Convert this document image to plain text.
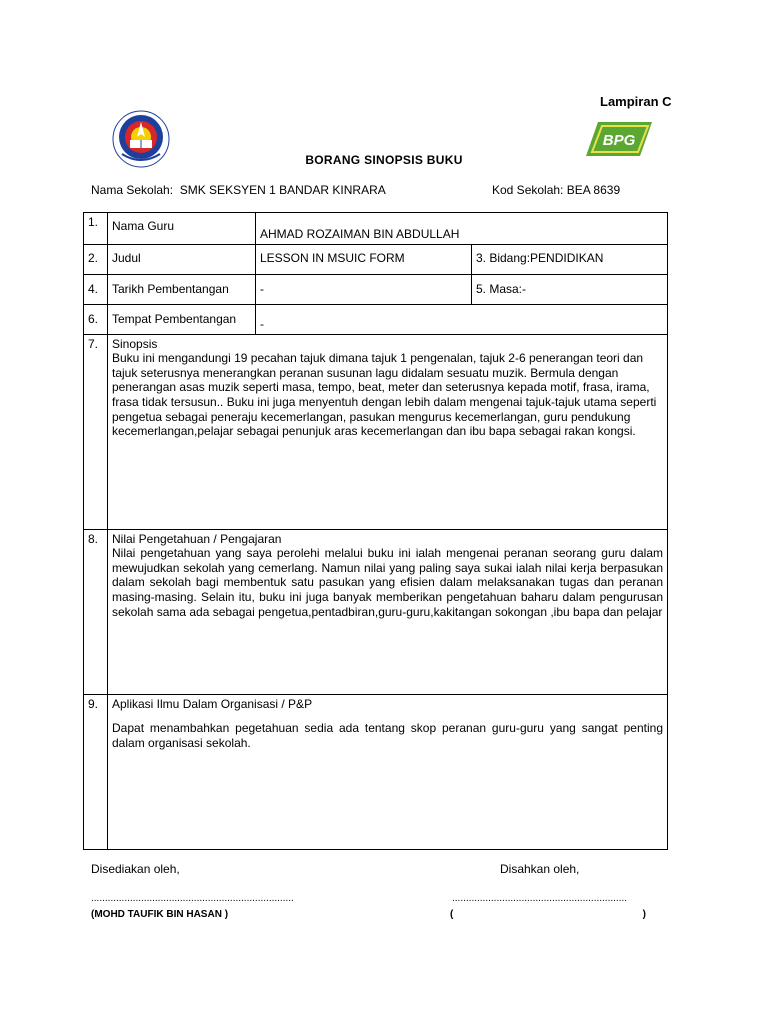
Lampiran C
BPG
BORANG SINOPSIS BUKU
Nama Sekolah: SMK SEKSYEN 1 BANDAR KINRARA	Kod Sekolah: BEA 8639
1.	Nama Guru	AHMAD ROZAIMAN BIN ABDULLAH	
2.	Judul	LESSON IN MSUIC FORM	3. Bidang:PENDIDIKAN
4.	Tarikh Pembentangan	-	5. Masa:-
6.	Tempat Pembentangan	-	
7.	Sinopsis
Buku ini mengandungi 19 pecahan tajuk dimana tajuk 1 pengenalan, tajuk 2-6 penerangan teori dan tajuk seterusnya menerangkan peranan susunan lagu didalam sesuatu muzik. Bermula dengan penerangan asas muzik seperti masa, tempo, beat, meter dan seterusnya kepada motif, frasa, irama, frasa tidak tersusun.. Buku ini juga menyentuh dengan lebih dalam mengenai tajuk-tajuk utama seperti pengetua sebagai peneraju kecemerlangan, pasukan mengurus kecemerlangan, guru pendukung kecemerlangan,pelajar sebagai penunjuk aras kecemerlangan dan ibu bapa sebagai rakan kongsi.		

8.	Nilai Pengetahuan / Pengajaran
Nilai pengetahuan yang saya perolehi melalui buku ini ialah mengenai peranan seorang guru dalam mewujudkan sekolah yang cemerlang. Namun nilai yang paling saya sukai ialah nilai kerja berpasukan dalam sekolah bagi membentuk satu pasukan yang efisien dalam melaksanakan tugas dan peranan masing-masing. Selain itu, buku ini juga banyak memberikan pengetahuan baharu dalam pengurusan sekolah sama ada sebagai pengetua,pentadbiran,guru-guru,kakitangan sokongan ,ibu bapa dan pelajar		

9.	Aplikasi Ilmu Dalam Organisasi / P&P
Dapat menambahkan pegetahuan sedia ada tentang skop peranan guru-guru yang sangat penting dalam organisasi sekolah.		
Disediakan oleh,	Disahkan oleh,
.........................................................................	...............................................................
(MOHD TAUFIK BIN HASAN )	(	)
